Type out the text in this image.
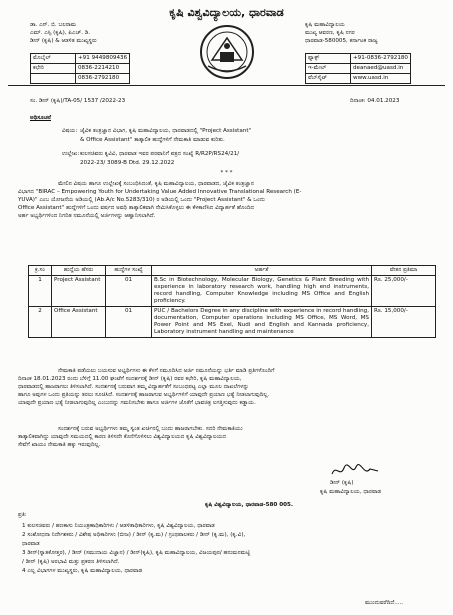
ಕೃಷಿ ವಿಶ್ವವಿದ್ಯಾಲಯ, ಧಾರವಾಡ
ಡಾ. ಎನ್. ಬಿ. ಬಲರಾಮ
ಎಮ್. ಎಸ್ಸಿ (ಕೃಷಿ), ಪಿಎಚ್. ಡಿ.
ಡೀನ್ (ಕೃಷಿ) & ಆಡಳಿತ ಮುಖ್ಯಸ್ಥರು
ಮೊಬೈಲ್	+91 9449809436
ಕಛೇರಿ	0836-2214210
	0836-2792180
ಕೃಷಿ ಮಹಾವಿದ್ಯಾಲಯ
ಮುಖ್ಯ ಆವರಣ, ಕೃಷಿ ನಗರ
ಧಾರವಾಡ-580005, ಕರ್ನಾಟಕ ರಾಜ್ಯ
ಫ್ಯಾಕ್ಸ್	+91-0836-2792180
ಇ-ಮೇಲ್	deanaed@uasd.in
ವೆಬ್‌ಸೈಟ್	www.uasd.in
ಸಂ. ಡೀನ್ (ಕೃಷಿ)/TA-05/ 1537 /2022-23	ದಿನಾಂಕ: 04.01.2023
ಅಧಿಸೂಚನೆ
ವಿಷಯ: ಜೈವಿಕ ತಂತ್ರಜ್ಞಾನ ವಿಭಾಗ, ಕೃಷಿ ಮಹಾವಿದ್ಯಾಲಯ, ಧಾರವಾಡದಲ್ಲಿ "Project Assistant"
& Office Assistant" ತಾತ್ಕಾಲಿಕ ಹುದ್ದೆಗಳಿಗೆ ನೇಮಕಾತಿ ಮಾಡುವ ಕುರಿತು.
ಉಲ್ಲೇಖ: ಕುಲಸಚಿವರು ಕೃವಿವಿ, ಧಾರವಾಡ ಇವರ ಪರವಾನಿಗೆ ಪತ್ರದ ಸಂಖ್ಯೆ R/R2P/RS24/21/
2022-23/ 3089-B Dtd. 29.12.2022
* * *
ಮೇಲಿನ ವಿಷಯ ಹಾಗೂ ಉಲ್ಲೇಖಕ್ಕೆ ಸಂಬಂಧಿಸಿದಂತೆ, ಕೃಷಿ ಮಹಾವಿದ್ಯಾಲಯ, ಧಾರವಾಡದ, ಜೈವಿಕ ತಂತ್ರಜ್ಞಾನ
ವಿಭಾಗದ "BIRAC – Empowering Youth for Undertaking Value Added Innovative Translational Research (E-
YUVA)" ಎಂಬ ಯೋಜನೆಯ ಅಡಿಯಲ್ಲಿ (Ab.A/c No.5283/310) ರ ಅಡಿಯಲ್ಲಿ ಒಂದು "Project Assistant" & ಒಂದು
Office Assistant" ಹುದ್ದೆಗಳಿಗೆ ಒಂದು ವರ್ಷದ ಅವಧಿ ತಾತ್ಕಾಲಿಕವಾಗಿ ನೇಮಿಸಿಕೊಳ್ಳಲು ಈ ಕೆಳಕಾಣಿಸಿದ ವಿದ್ಯಾರ್ಹತೆ ಹೊಂದಿದ
ಅರ್ಹ ಅಭ್ಯರ್ಥಿಗಳಿಂದ ನಿಗದಿತ ನಮೂನೆಯಲ್ಲಿ ಅರ್ಜಿಗಳನ್ನು ಆಹ್ವಾನಿಸಲಾಗಿದೆ.
ಕ್ರ.ಸಂ	ಹುದ್ದೆಯ ಹೆಸರು	ಹುದ್ದೆಗಳ ಸಂಖ್ಯೆ	ಅರ್ಹತೆ	ವೇತನ ಪ್ರತಿಮಾ
1	Project Assistant	01	B.Sc in Biotechnology, Molecular Biology, Genetics & Plant Breeding with experience in laboratory research work, handling high end instruments, record handling, Computer Knowledge including MS Office and English proficiency.	Rs. 25,000/-
2	Office Assistant	01	PUC / Bachelors Degree in any discipline with experience in record handling, documentation, Computer operations including MS Office, MS Word, MS Power Point and MS Exel, Nudi and English and Kannada proficiency, Laboratory instrument handling and maintenance	Rs. 15,000/-
ನೇಮಕಾತಿ ಪಡೆಯಲು ಬಯಸುವ ಅಭ್ಯರ್ಥಿಗಳು ಈ ಕೆಳಗೆ ನಮೂದಿಸಿದ ಅರ್ಜಿ ನಮೂನೆಯನ್ನು ಭರ್ತಿ ಮಾಡಿ ಪ್ರತಿಗಳೊಂದಿಗೆ
ದಿನಾಂಕ 18.01.2023 ರಂದು ಬೆಳಿಗ್ಗೆ 11.00 ಘಂಟೆಗೆ ಸಂದರ್ಶನಕ್ಕೆ ಡೀನ್ (ಕೃಷಿ) ರವರ ಕಛೇರಿ, ಕೃಷಿ ಮಹಾವಿದ್ಯಾಲಯ,
ಧಾರವಾಡದಲ್ಲಿ ಹಾಜರಾಗಲು ತಿಳಿಸಲಾಗಿದೆ. ಸಂದರ್ಶನಕ್ಕೆ ಬರುವಾಗ ತಮ್ಮ ವಿದ್ಯಾರ್ಹತೆಗೆ ಸಂಬಂಧಪಟ್ಟ ಎಲ್ಲಾ ಮೂಲ ದಾಖಲೆಗಳನ್ನು
ಹಾಗೂ ಅವುಗಳ ಒಂದು ಪ್ರತಿಯನ್ನು ತರಲು ಸೂಚಿಸಿದೆ. ಸಂದರ್ಶನಕ್ಕೆ ಹಾಜರಾಗುವ ಅಭ್ಯರ್ಥಿಗಳಿಗೆ ಯಾವುದೇ ಪ್ರಯಾಣ ಭತ್ಯೆ ನೀಡಲಾಗುವುದಿಲ್ಲ.
ಯಾವುದೇ ಪ್ರಯಾಣ ಭತ್ಯೆ ನೀಡಲಾಗುವುದಿಲ್ಲ ಎಂಬುದನ್ನು ಗಮನಿಸಬೇಕು ಹಾಗೂ ಅರ್ಜಿಗಳ ಜೊತೆಗೆ ಭಾವಚಿತ್ರ ಲಗತ್ತಿಸುವುದು ಕಡ್ಡಾಯ.
ಸಂದರ್ಶನಕ್ಕೆ ಬರುವ ಅಭ್ಯರ್ಥಿಗಳು ತಮ್ಮ ಸ್ವಂತ ಖರ್ಚಿನಲ್ಲಿ ಬಂದು ಹಾಜರಾಗಬೇಕು. ಸದರಿ ನೇಮಕಾತಿಯು
ತಾತ್ಕಾಲಿಕವಾಗಿದ್ದು ಯಾವುದೇ ಸಮಯದಲ್ಲಿ ಕಾರಣ ತಿಳಿಸದೇ ಕೊನೆಗೊಳಿಸಲು ವಿಶ್ವವಿದ್ಯಾಲಯದ ಕೃಷಿ ವಿಶ್ವವಿದ್ಯಾಲಯದ
ಸೇವೆಗೆ ಖಾಯಂ ನೇಮಕಾತಿ ಹಕ್ಕು ಇರುವುದಿಲ್ಲ.
ಡೀನ್ (ಕೃಷಿ)
ಕೃಷಿ ಮಹಾವಿದ್ಯಾಲಯ, ಧಾರವಾಡ
ಕೃಷಿ ವಿಶ್ವವಿದ್ಯಾಲಯ, ಧಾರವಾಡ-580 005.
ಪ್ರತಿ:
1 ಕುಲಸಚಿವರು / ಹಣಕಾಸು ನಿಯಂತ್ರಣಾಧಿಕಾರಿಗಳು / ಆಡಳಿತಾಧಿಕಾರಿಗಳು, ಕೃಷಿ ವಿಶ್ವವಿದ್ಯಾಲಯ, ಧಾರವಾಡ
2 ಸಂಶೋಧನಾ ನಿರ್ದೇಶಕರು / ವಿಶೇಷ ಅಧಿಕಾರಿಗಳು (ಬೀಜ) / ಡೀನ್ (ಕೃ.ಮ) / ಗ್ರಂಥಪಾಲಕರು / ಡೀನ್ (ಕೃ.ಮ), (ಕೃ.ವಿ),
ಧಾರವಾಡ
3 ಡೀನ್(ಸ್ನಾತಕೋತ್ತರ), / ಡೀನ್ (ಸಮುದಾಯ ವಿಜ್ಞಾನ) / ಡೀನ್(ಕೃಷಿ), ಕೃಷಿ ಮಹಾವಿದ್ಯಾಲಯ, ವಿಜಯಪುರ/ ಹನುಮನಮಟ್ಟಿ
/ ಡೀನ್ (ಕೃಷಿ) ಅರಭಾವಿ ಮತ್ತು ಪ್ರಕರಣ ತಿಳಿಸಲಾಗಿದೆ.
4 ಎಲ್ಲ ವಿಭಾಗಗಳ ಮುಖ್ಯಸ್ಥರು, ಕೃಷಿ ಮಹಾವಿದ್ಯಾಲಯ, ಧಾರವಾಡ
ಮುಂದುವರೆದಿದೆ.....
